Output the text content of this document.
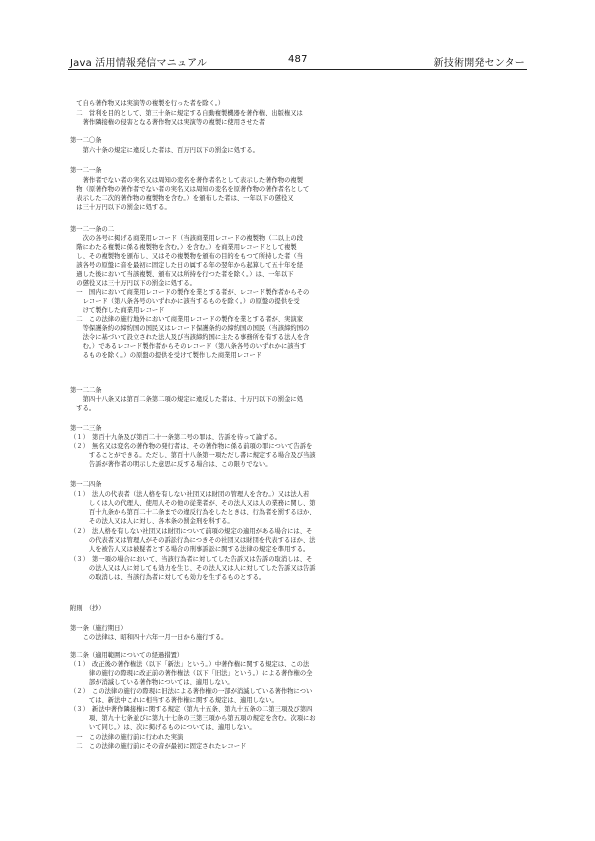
Java 活用情報発信マニュアル	487	新技術開発センター
　て自ら著作物又は実演等の複製を行った者を除く。）
　二　営利を目的として、第三十条に規定する自動複製機器を著作権、出版権又は
　　著作隣接権の侵害となる著作物又は実演等の複製に使用させた者
第一二〇条
　　第六十条の規定に違反した者は、百万円以下の罰金に処する。
第一二一条
　　著作者でない者の実名又は周知の変名を著作者名として表示した著作物の複製
　物（原著作物の著作者でない者の実名又は周知の変名を原著作物の著作者名として
　表示した二次的著作物の複製物を含む。）を頒布した者は、一年以下の懲役又
　は三十万円以下の罰金に処する。
第一二一条の二
　　次の各号に掲げる商業用レコード（当該商業用レコードの複製物（二以上の段
　階にわたる複製に係る複製物を含む。）を含む。）を商業用レコードとして複製
　し、その複製物を頒布し、又はその複製物を頒布の目的をもつて所持した者（当
　該各号の原盤に音を最初に固定した日の属する年の翌年から起算して五十年を経
　過した後において当該複製、頒布又は所持を行つた者を除く。）は、一年以下
　の懲役又は三十万円以下の罰金に処する。
　一　国内において商業用レコードの製作を業とする者が、レコード製作者からその
　　レコード（第八条各号のいずれかに該当するものを除く。）の原盤の提供を受
　　けて製作した商業用レコード
　二　この法律の施行地外において商業用レコードの製作を業とする者が、実演家
　　等保護条約の締約国の国民又はレコード保護条約の締約国の国民（当該締約国の
　　法令に基づいて設立された法人及び当該締約国に主たる事務所を有する法人を含
　　む。）であるレコード製作者からそのレコード（第八条各号のいずれかに該当す
　　るものを除く。）の原盤の提供を受けて製作した商業用レコード
第一二二条
　　第四十八条又は第百二条第二項の規定に違反した者は、十万円以下の罰金に処
　する。
第一二三条
（１）　第百十九条及び第百二十一条第二号の罪は、告訴を待って論ずる。
（２）　無名又は変名の著作物の発行者は、その著作物に係る前項の罪について告訴を
　　　することができる。ただし、第百十八条第一項ただし書に規定する場合及び当該
　　　告訴が著作者の明示した意思に反する場合は、この限りでない。
第一二四条
（１）　法人の代表者（法人格を有しない社団又は財団の管理人を含む。）又は法人若
　　　しくは人の代理人、使用人その他の従業者が、その法人又は人の業務に関し、第
　　　百十九条から第百二十二条までの違反行為をしたときは、行為者を罰するほか、
　　　その法人又は人に対し、各本条の罰金刑を科する。
（２）　法人格を有しない社団又は財団について前項の規定の適用がある場合には、そ
　　　の代表者又は管理人がその訴訟行為につきその社団又は財団を代表するほか、法
　　　人を被告人又は被疑者とする場合の刑事訴訟に関する法律の規定を準用する。
（３）　第一項の場合において、当該行為者に対してした告訴又は告訴の取消しは、そ
　　　の法人又は人に対しても効力を生じ、その法人又は人に対してした告訴又は告訴
　　　の取消しは、当該行為者に対しても効力を生ずるものとする。
附則　（抄）
第一条（施行期日）
　　この法律は、昭和四十六年一月一日から施行する。
第二条（適用範囲についての経過措置）
（１）　改正後の著作権法（以下「新法」という。）中著作権に関する規定は、この法
　　　律の施行の際現に改正前の著作権法（以下「旧法」という。）による著作権の全
　　　部が消滅している著作物については、適用しない。
（２）　この法律の施行の際現に旧法による著作権の一部が消滅している著作物につい
　　　ては、新法中これに相当する著作権に関する規定は、適用しない。
（３）　新法中著作隣接権に関する規定（第九十五条、第九十五条の二第三項及び第四
　　　項、第九十七条並びに第九十七条の三第三項から第五項の規定を含む。次項にお
　　　いて同じ。）は、次に掲げるものについては、適用しない。
　一　この法律の施行前に行われた実演
　二　この法律の施行前にその音が最初に固定されたレコード
